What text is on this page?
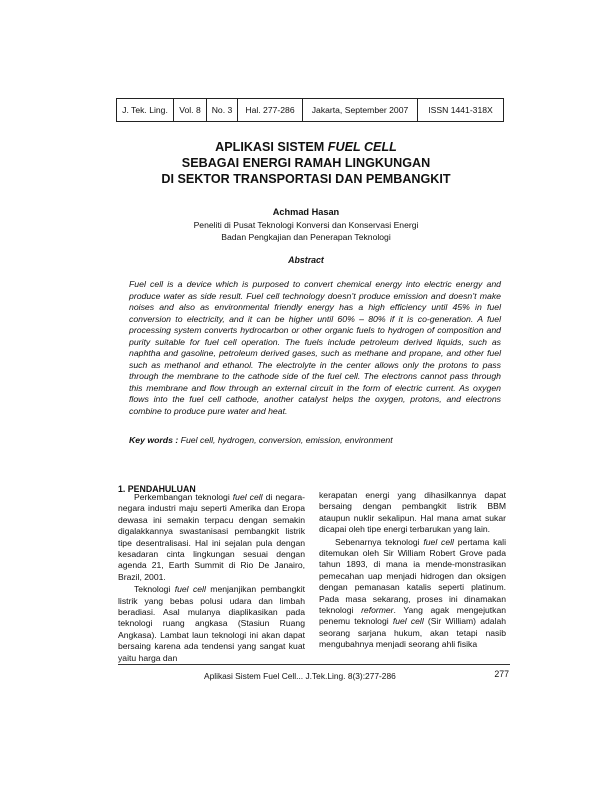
J. Tek. Ling.	Vol. 8	No. 3	Hal. 277-286	Jakarta, September 2007	ISSN 1441-318X
APLIKASI SISTEM FUEL CELL
SEBAGAI ENERGI RAMAH LINGKUNGAN
DI SEKTOR TRANSPORTASI DAN PEMBANGKIT

Achmad Hasan

Peneliti di Pusat Teknologi Konversi dan Konservasi Energi
Badan Pengkajian dan Penerapan Teknologi

Abstract

Fuel cell is a device which is purposed to convert chemical energy into electric energy and produce water as side result. Fuel cell technology doesn’t produce emission and doesn’t make noises and also as environmental friendly energy has a high efficiency until 45% in fuel conversion to electricity, and it can be higher until 60% – 80% if it is co-generation. A fuel processing system converts hydrocarbon or other organic fuels to hydrogen of composition and purity suitable for fuel cell operation. The fuels include petroleum derived liquids, such as naphtha and gasoline, petroleum derived gases, such as methane and propane, and other fuel such as methanol and ethanol. The electrolyte in the center allows only the protons to pass through the membrane to the cathode side of the fuel cell. The electrons cannot pass through this membrane and flow through an external circuit in the form of electric current. As oxygen flows into the fuel cell cathode, another catalyst helps the oxygen, protons, and electrons combine to produce pure water and heat.

Key words : Fuel cell, hydrogen, conversion, emission, environment
1. PENDAHULUAN

Perkembangan teknologi fuel cell di negara-negara industri maju seperti Amerika dan Eropa dewasa ini semakin terpacu dengan semakin digalakkannya swastanisasi pembangkit listrik tipe desentralisasi. Hal ini sejalan pula dengan kesadaran cinta lingkungan sesuai dengan agenda 21, Earth Summit di Rio De Janairo, Brazil, 2001.

Teknologi fuel cell menjanjikan pembangkit listrik yang bebas polusi udara dan limbah beradiasi. Asal mulanya diaplikasikan pada teknologi ruang angkasa (Stasiun Ruang Angkasa). Lambat laun teknologi ini akan dapat bersaing karena ada tendensi yang sangat kuat yaitu harga dan

kerapatan energi yang dihasilkannya dapat bersaing dengan pembangkit listrik BBM ataupun nuklir sekalipun. Hal mana amat sukar dicapai oleh tipe energi terbarukan yang lain.

Sebenarnya teknologi fuel cell pertama kali ditemukan oleh Sir William Robert Grove pada tahun 1893, di mana ia mende-monstrasikan pemecahan uap menjadi hidrogen dan oksigen dengan pemanasan katalis seperti platinum. Pada masa sekarang, proses ini dinamakan teknologi reformer. Yang agak mengejutkan penemu teknologi fuel cell (Sir William) adalah seorang sarjana hukum, akan tetapi nasib mengubahnya menjadi seorang ahli fisika

Aplikasi Sistem Fuel Cell... J.Tek.Ling. 8(3):277-286	277
